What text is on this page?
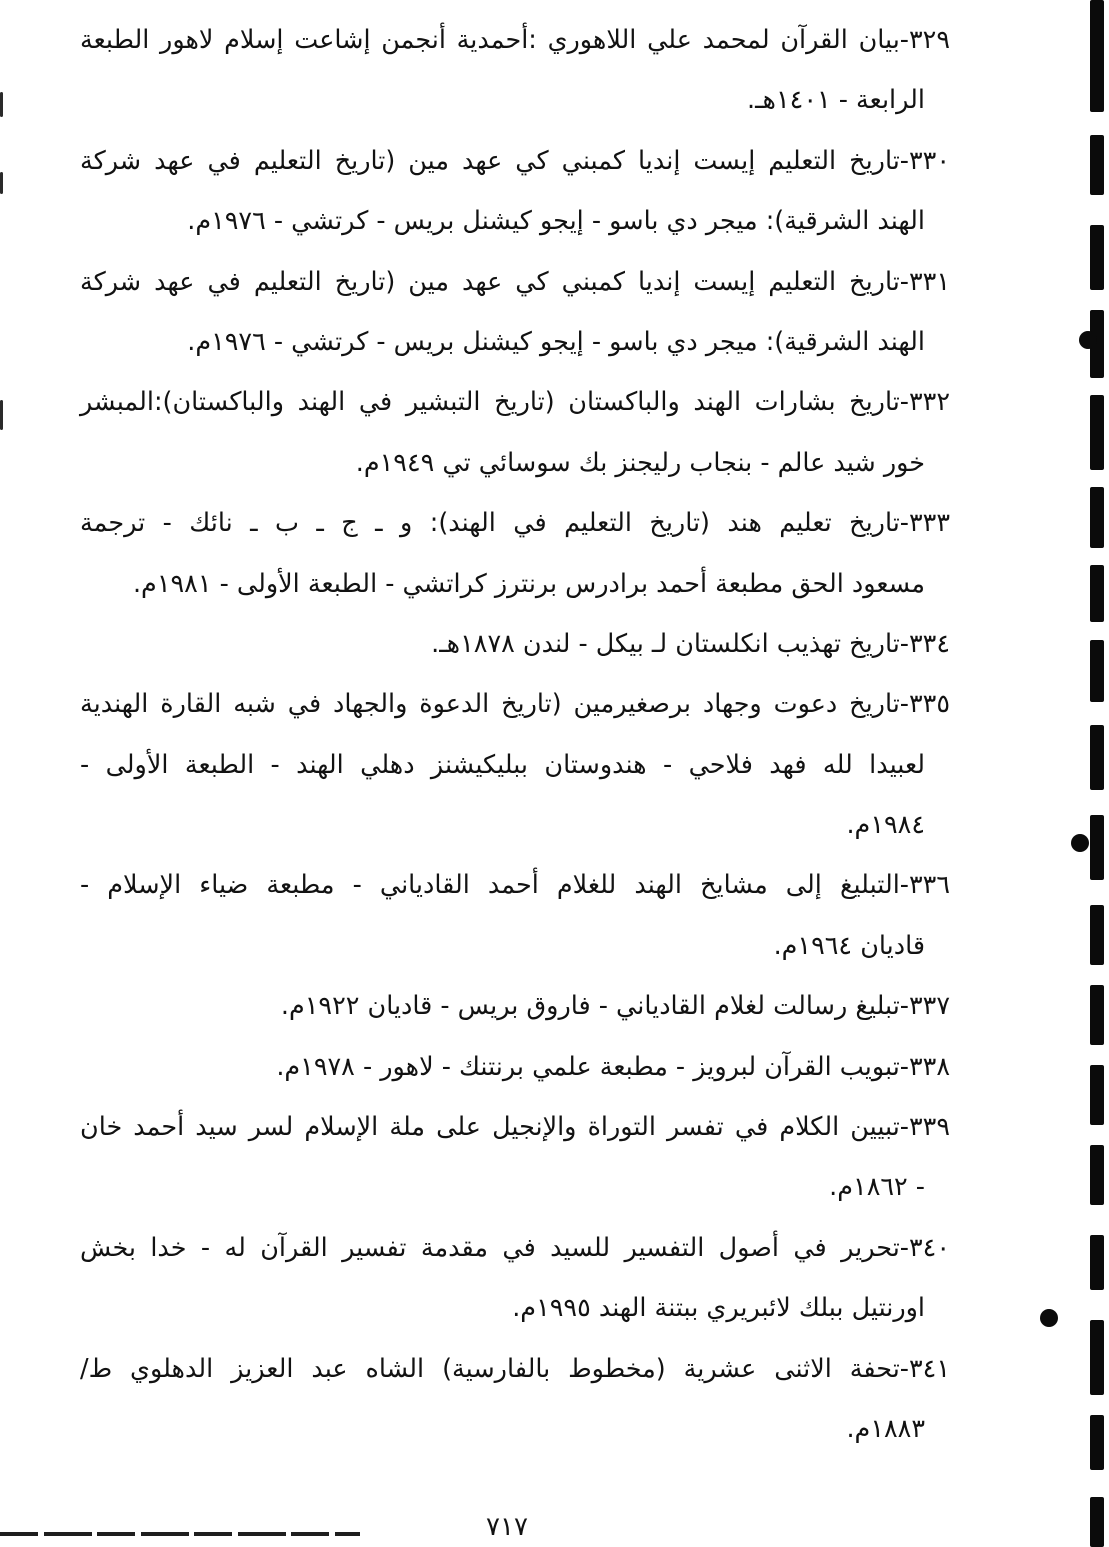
٣٢٩-بيان القرآن لمحمد علي اللاهوري :أحمدية أنجمن إشاعت إسلام لاهور الطبعة
الرابعة - ١٤٠١هـ.
٣٣٠-تاريخ التعليم إيست إنديا كمبني كي عهد مين (تاريخ التعليم في عهد شركة
الهند الشرقية): ميجر دي باسو - إيجو كيشنل بريس - كرتشي - ١٩٧٦م.
٣٣١-تاريخ التعليم إيست إنديا كمبني كي عهد مين (تاريخ التعليم في عهد شركة
الهند الشرقية): ميجر دي باسو - إيجو كيشنل بريس - كرتشي - ١٩٧٦م.
٣٣٢-تاريخ بشارات الهند والباكستان (تاريخ التبشير في الهند والباكستان):المبشر
خور شيد عالم - بنجاب رليجنز بك سوسائي تي ١٩٤٩م.
٣٣٣-تاريخ تعليم هند (تاريخ التعليم في الهند): و ـ ج ـ ب ـ نائك - ترجمة
مسعود الحق مطبعة أحمد برادرس برنترز كراتشي - الطبعة الأولى - ١٩٨١م.
٣٣٤-تاريخ تهذيب انكلستان لـ بيكل - لندن ١٨٧٨هـ.
٣٣٥-تاريخ دعوت وجهاد برصغيرمين (تاريخ الدعوة والجهاد في شبه القارة الهندية
لعبيدا لله فهد فلاحي - هندوستان ببليكيشنز دهلي الهند - الطبعة الأولى -
١٩٨٤م.
٣٣٦-التبليغ إلى مشايخ الهند للغلام أحمد القادياني - مطبعة ضياء الإسلام -
قاديان ١٩٦٤م.
٣٣٧-تبليغ رسالت لغلام القادياني - فاروق بريس - قاديان ١٩٢٢م.
٣٣٨-تبويب القرآن لبرويز - مطبعة علمي برنتنك - لاهور - ١٩٧٨م.
٣٣٩-تبيين الكلام في تفسر التوراة والإنجيل على ملة الإسلام لسر سيد أحمد خان
- ١٨٦٢م.
٣٤٠-تحرير في أصول التفسير للسيد في مقدمة تفسير القرآن له - خدا بخش
اورنتيل ببلك لائبريري ببتنة الهند ١٩٩٥م.
٣٤١-تحفة الاثنى عشرية (مخطوط بالفارسية) الشاه عبد العزيز الدهلوي ط/
١٨٨٣م.
٧١٧
